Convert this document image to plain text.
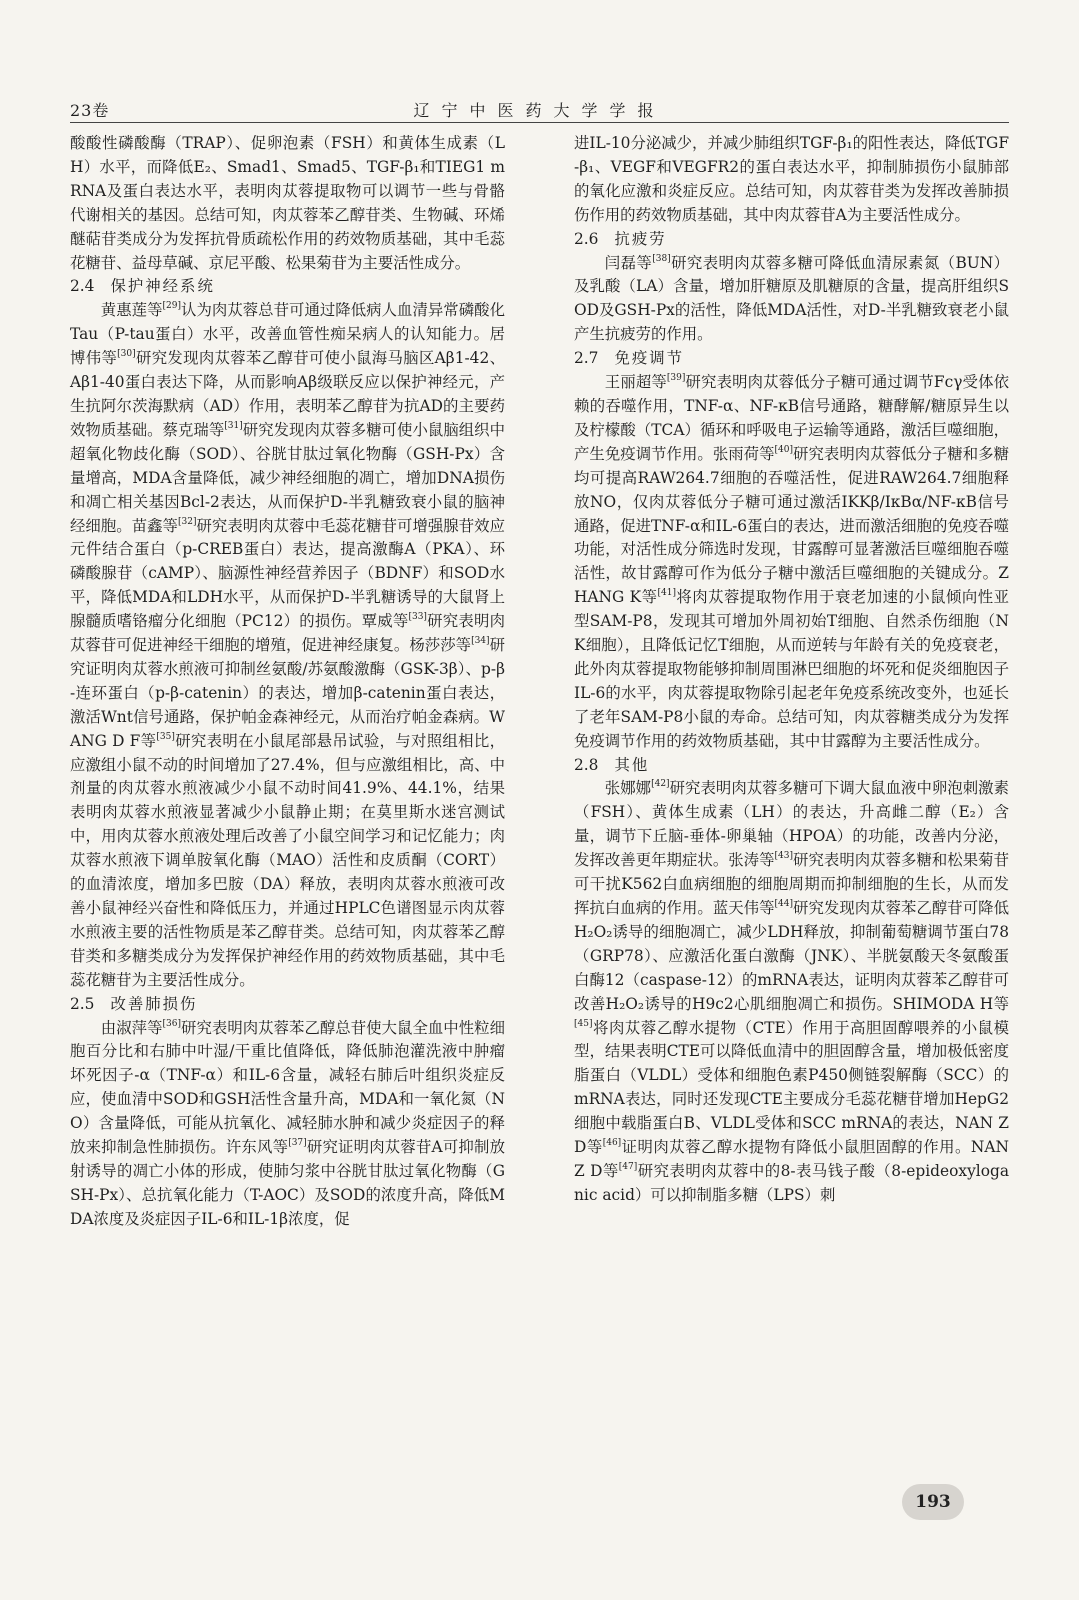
23卷	辽宁中医药大学学报

酸酸性磷酸酶（TRAP）、促卵泡素（FSH）和黄体生成素（LH）水平，而降低E₂、Smad1、Smad5、TGF-β₁和TIEG1 mRNA及蛋白表达水平，表明肉苁蓉提取物可以调节一些与骨骼代谢相关的基因。总结可知，肉苁蓉苯乙醇苷类、生物碱、环烯醚萜苷类成分为发挥抗骨质疏松作用的药效物质基础，其中毛蕊花糖苷、益母草碱、京尼平酸、松果菊苷为主要活性成分。

2.4 保护神经系统

黄惠莲等[29]认为肉苁蓉总苷可通过降低病人血清异常磷酸化Tau（P-tau蛋白）水平，改善血管性痴呆病人的认知能力。居博伟等[30]研究发现肉苁蓉苯乙醇苷可使小鼠海马脑区Aβ1-42、Aβ1-40蛋白表达下降，从而影响Aβ级联反应以保护神经元，产生抗阿尔茨海默病（AD）作用，表明苯乙醇苷为抗AD的主要药效物质基础。蔡克瑞等[31]研究发现肉苁蓉多糖可使小鼠脑组织中超氧化物歧化酶（SOD）、谷胱甘肽过氧化物酶（GSH-Px）含量增高，MDA含量降低，减少神经细胞的凋亡，增加DNA损伤和凋亡相关基因Bcl-2表达，从而保护D-半乳糖致衰小鼠的脑神经细胞。苗鑫等[32]研究表明肉苁蓉中毛蕊花糖苷可增强腺苷效应元件结合蛋白（p-CREB蛋白）表达，提高激酶A（PKA）、环磷酸腺苷（cAMP）、脑源性神经营养因子（BDNF）和SOD水平，降低MDA和LDH水平，从而保护D-半乳糖诱导的大鼠肾上腺髓质嗜铬瘤分化细胞（PC12）的损伤。覃威等[33]研究表明肉苁蓉苷可促进神经干细胞的增殖，促进神经康复。杨莎莎等[34]研究证明肉苁蓉水煎液可抑制丝氨酸/苏氨酸激酶（GSK-3β）、p-β-连环蛋白（p-β-catenin）的表达，增加β-catenin蛋白表达，激活Wnt信号通路，保护帕金森神经元，从而治疗帕金森病。WANG D F等[35]研究表明在小鼠尾部悬吊试验，与对照组相比，应激组小鼠不动的时间增加了27.4%，但与应激组相比，高、中剂量的肉苁蓉水煎液减少小鼠不动时间41.9%、44.1%，结果表明肉苁蓉水煎液显著减少小鼠静止期；在莫里斯水迷宫测试中，用肉苁蓉水煎液处理后改善了小鼠空间学习和记忆能力；肉苁蓉水煎液下调单胺氧化酶（MAO）活性和皮质酮（CORT）的血清浓度，增加多巴胺（DA）释放，表明肉苁蓉水煎液可改善小鼠神经兴奋性和降低压力，并通过HPLC色谱图显示肉苁蓉水煎液主要的活性物质是苯乙醇苷类。总结可知，肉苁蓉苯乙醇苷类和多糖类成分为发挥保护神经作用的药效物质基础，其中毛蕊花糖苷为主要活性成分。

2.5 改善肺损伤

由淑萍等[36]研究表明肉苁蓉苯乙醇总苷使大鼠全血中性粒细胞百分比和右肺中叶湿/干重比值降低，降低肺泡灌洗液中肿瘤坏死因子-α（TNF-α）和IL-6含量，减轻右肺后叶组织炎症反应，使血清中SOD和GSH活性含量升高，MDA和一氧化氮（NO）含量降低，可能从抗氧化、减轻肺水肿和减少炎症因子的释放来抑制急性肺损伤。许东风等[37]研究证明肉苁蓉苷A可抑制放射诱导的凋亡小体的形成，使肺匀浆中谷胱甘肽过氧化物酶（GSH-Px）、总抗氧化能力（T-AOC）及SOD的浓度升高，降低MDA浓度及炎症因子IL-6和IL-1β浓度，促

进IL-10分泌减少，并减少肺组织TGF-β₁的阳性表达，降低TGF-β₁、VEGF和VEGFR2的蛋白表达水平，抑制肺损伤小鼠肺部的氧化应激和炎症反应。总结可知，肉苁蓉苷类为发挥改善肺损伤作用的药效物质基础，其中肉苁蓉苷A为主要活性成分。

2.6 抗疲劳

闫磊等[38]研究表明肉苁蓉多糖可降低血清尿素氮（BUN）及乳酸（LA）含量，增加肝糖原及肌糖原的含量，提高肝组织SOD及GSH-Px的活性，降低MDA活性，对D-半乳糖致衰老小鼠产生抗疲劳的作用。

2.7 免疫调节

王丽超等[39]研究表明肉苁蓉低分子糖可通过调节Fcγ受体依赖的吞噬作用，TNF-α、NF-κB信号通路，糖酵解/糖原异生以及柠檬酸（TCA）循环和呼吸电子运输等通路，激活巨噬细胞，产生免疫调节作用。张雨荷等[40]研究表明肉苁蓉低分子糖和多糖均可提高RAW264.7细胞的吞噬活性，促进RAW264.7细胞释放NO，仅肉苁蓉低分子糖可通过激活IKKβ/IκBα/NF-κB信号通路，促进TNF-α和IL-6蛋白的表达，进而激活细胞的免疫吞噬功能，对活性成分筛选时发现，甘露醇可显著激活巨噬细胞吞噬活性，故甘露醇可作为低分子糖中激活巨噬细胞的关键成分。ZHANG K等[41]将肉苁蓉提取物作用于衰老加速的小鼠倾向性亚型SAM-P8，发现其可增加外周初始T细胞、自然杀伤细胞（NK细胞），且降低记忆T细胞，从而逆转与年龄有关的免疫衰老，此外肉苁蓉提取物能够抑制周围淋巴细胞的坏死和促炎细胞因子IL-6的水平，肉苁蓉提取物除引起老年免疫系统改变外，也延长了老年SAM-P8小鼠的寿命。总结可知，肉苁蓉糖类成分为发挥免疫调节作用的药效物质基础，其中甘露醇为主要活性成分。

2.8 其他

张娜娜[42]研究表明肉苁蓉多糖可下调大鼠血液中卵泡刺激素（FSH）、黄体生成素（LH）的表达，升高雌二醇（E₂）含量，调节下丘脑-垂体-卵巢轴（HPOA）的功能，改善内分泌，发挥改善更年期症状。张涛等[43]研究表明肉苁蓉多糖和松果菊苷可干扰K562白血病细胞的细胞周期而抑制细胞的生长，从而发挥抗白血病的作用。蓝天伟等[44]研究发现肉苁蓉苯乙醇苷可降低H₂O₂诱导的细胞凋亡，减少LDH释放，抑制葡萄糖调节蛋白78（GRP78）、应激活化蛋白激酶（JNK）、半胱氨酸天冬氨酸蛋白酶12（caspase-12）的mRNA表达，证明肉苁蓉苯乙醇苷可改善H₂O₂诱导的H9c2心肌细胞凋亡和损伤。SHIMODA H等[45]将肉苁蓉乙醇水提物（CTE）作用于高胆固醇喂养的小鼠模型，结果表明CTE可以降低血清中的胆固醇含量，增加极低密度脂蛋白（VLDL）受体和细胞色素P450侧链裂解酶（SCC）的mRNA表达，同时还发现CTE主要成分毛蕊花糖苷增加HepG2细胞中载脂蛋白B、VLDL受体和SCC mRNA的表达，NAN Z D等[46]证明肉苁蓉乙醇水提物有降低小鼠胆固醇的作用。NAN Z D等[47]研究表明肉苁蓉中的8-表马钱子酸（8-epideoxyloganic acid）可以抑制脂多糖（LPS）刺

193
